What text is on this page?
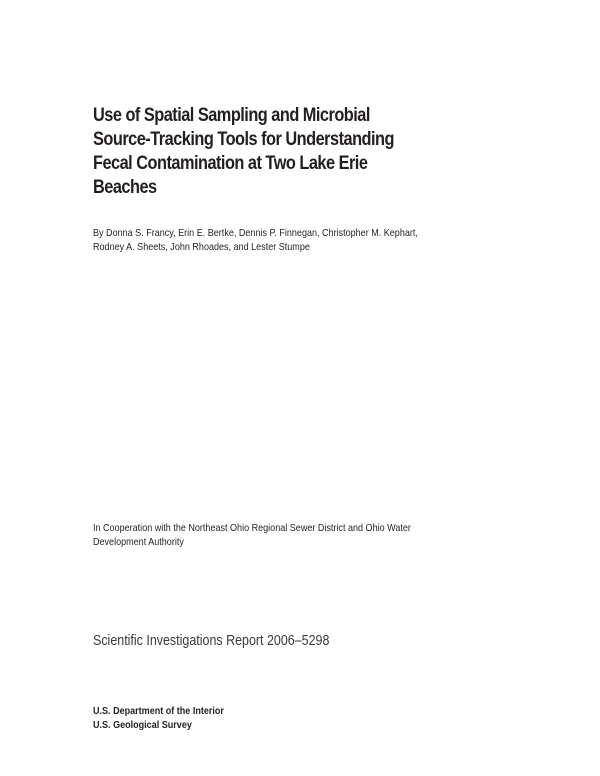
Use of Spatial Sampling and Microbial
Source-Tracking Tools for Understanding
Fecal Contamination at Two Lake Erie
Beaches
By Donna S. Francy, Erin E. Bertke, Dennis P. Finnegan, Christopher M. Kephart,
Rodney A. Sheets, John Rhoades, and Lester Stumpe
In Cooperation with the Northeast Ohio Regional Sewer District and Ohio Water
Development Authority
Scientific Investigations Report 2006–5298
U.S. Department of the Interior
U.S. Geological Survey
